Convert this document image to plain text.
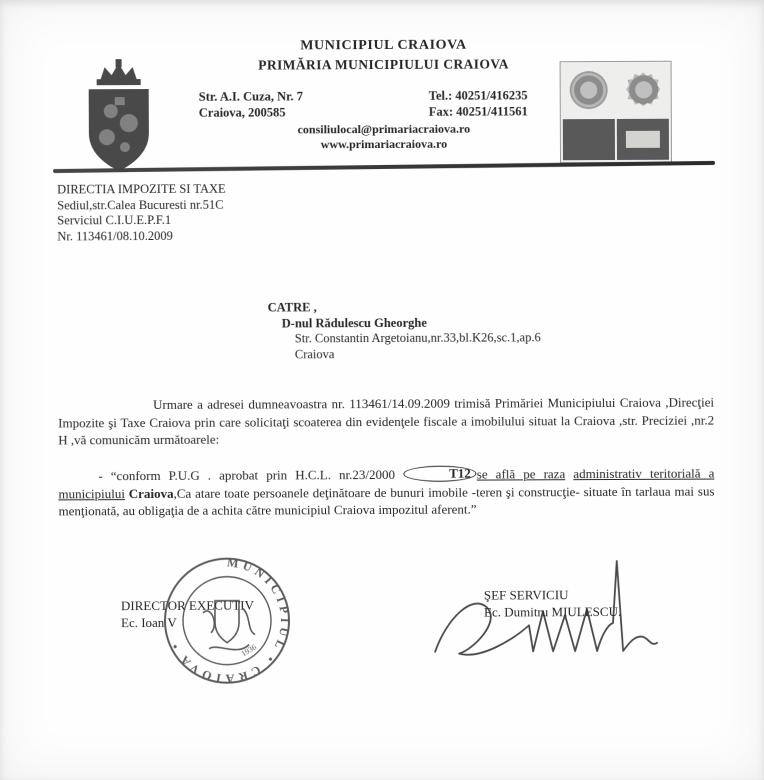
MUNICIPIUL CRAIOVA
PRIMĂRIA MUNICIPIULUI CRAIOVA
Str. A.I. Cuza, Nr. 7
Craiova, 200585
Tel.: 40251/416235
Fax: 40251/411561
consiliulocal@primariacraiova.ro
www.primariacraiova.ro
DIRECTIA IMPOZITE SI TAXE
Sediul,str.Calea Bucuresti nr.51C
Serviciul C.I.U.E.P.F.1
Nr. 113461/08.10.2009
CATRE ,
D-nul Rădulescu Gheorghe
Str. Constantin Argetoianu,nr.33,bl.K26,sc.1,ap.6
Craiova

Urmare a adresei dumneavoastra nr. 113461/14.09.2009 trimisă Primăriei Municipiului Craiova ,Direcţiei Impozite şi Taxe Craiova prin care solicitaţi scoaterea din evidenţele fiscale a imobilului situat la Craiova ,str. Preciziei ,nr.2 H ,vă comunicăm următoarele:

- “conform P.U.G . aprobat prin H.C.L. nr.23/2000	T12 se află pe raza administrativ teritorială a municipiului Craiova,Ca atare toate persoanele deţinătoare de bunuri imobile -teren şi construcţie- situate în tarlaua mai sus menţionată, au obligaţia de a achita către municipiul Craiova impozitul aferent.”

DIRECTOR EXECUTIV
Ec. Ioan V
MUNICIPIUL • CRAIOVA •	1936
ŞEF SERVICIU
Ec. Dumitru MIULESCU.
